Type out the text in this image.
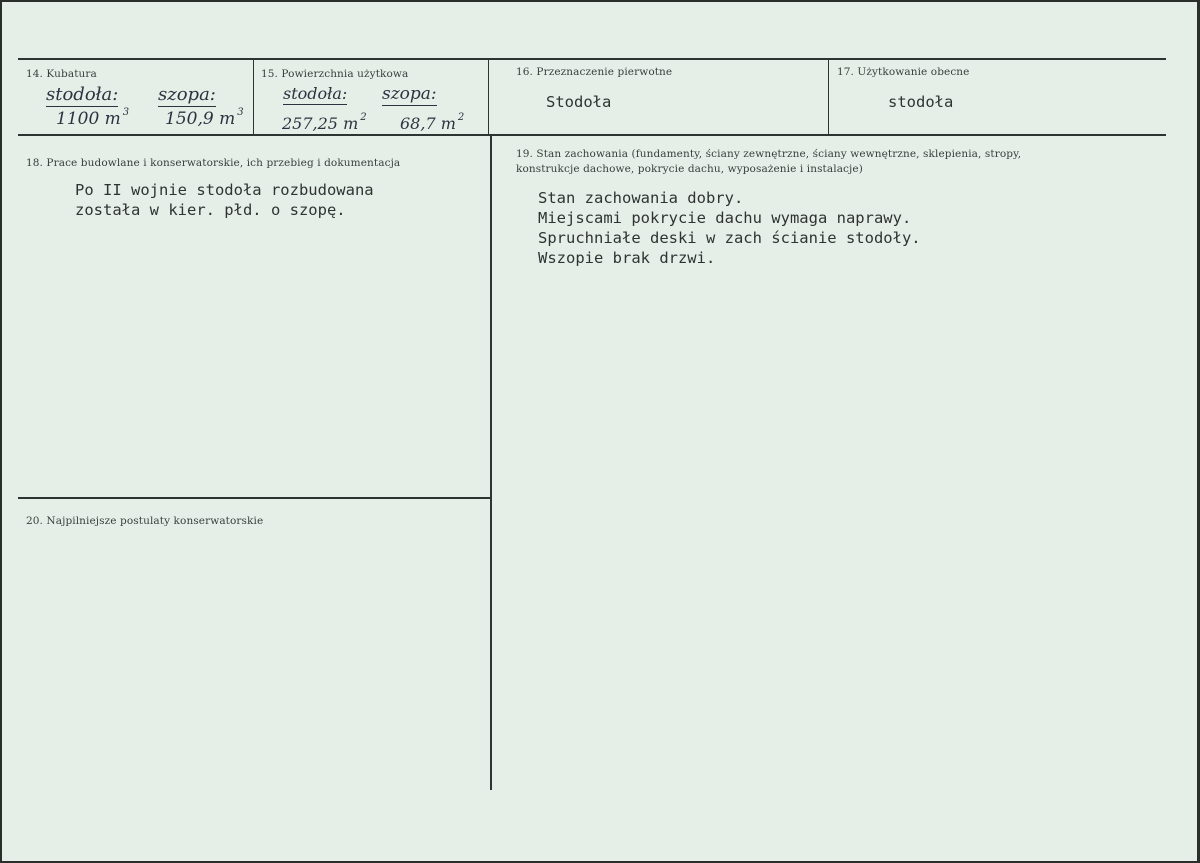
14. Kubatura
stodoła: szopa:
1100 m $^3$ 150,9 m $^3$
15. Powierzchnia użytkowa
stodoła: szopa:
257,25 m $^2$ 68,7 m $^2$
16. Przeznaczenie pierwotne
Stodoła
17. Użytkowanie obecne
stodoła
18. Prace budowlane i konserwatorskie, ich przebieg i dokumentacja
Po II wojnie stodoła rozbudowana
została w kier. płd. o szopę.
19. Stan zachowania (fundamenty, ściany zewnętrzne, ściany wewnętrzne, sklepienia, stropy, konstrukcje dachowe, pokrycie dachu, wyposażenie i instalacje)
Stan zachowania dobry.
Miejscami pokrycie dachu wymaga naprawy.
Spruchniałe deski w zach ścianie stodoły.
Wszopie brak drzwi.
20. Najpilniejsze postulaty konserwatorskie
